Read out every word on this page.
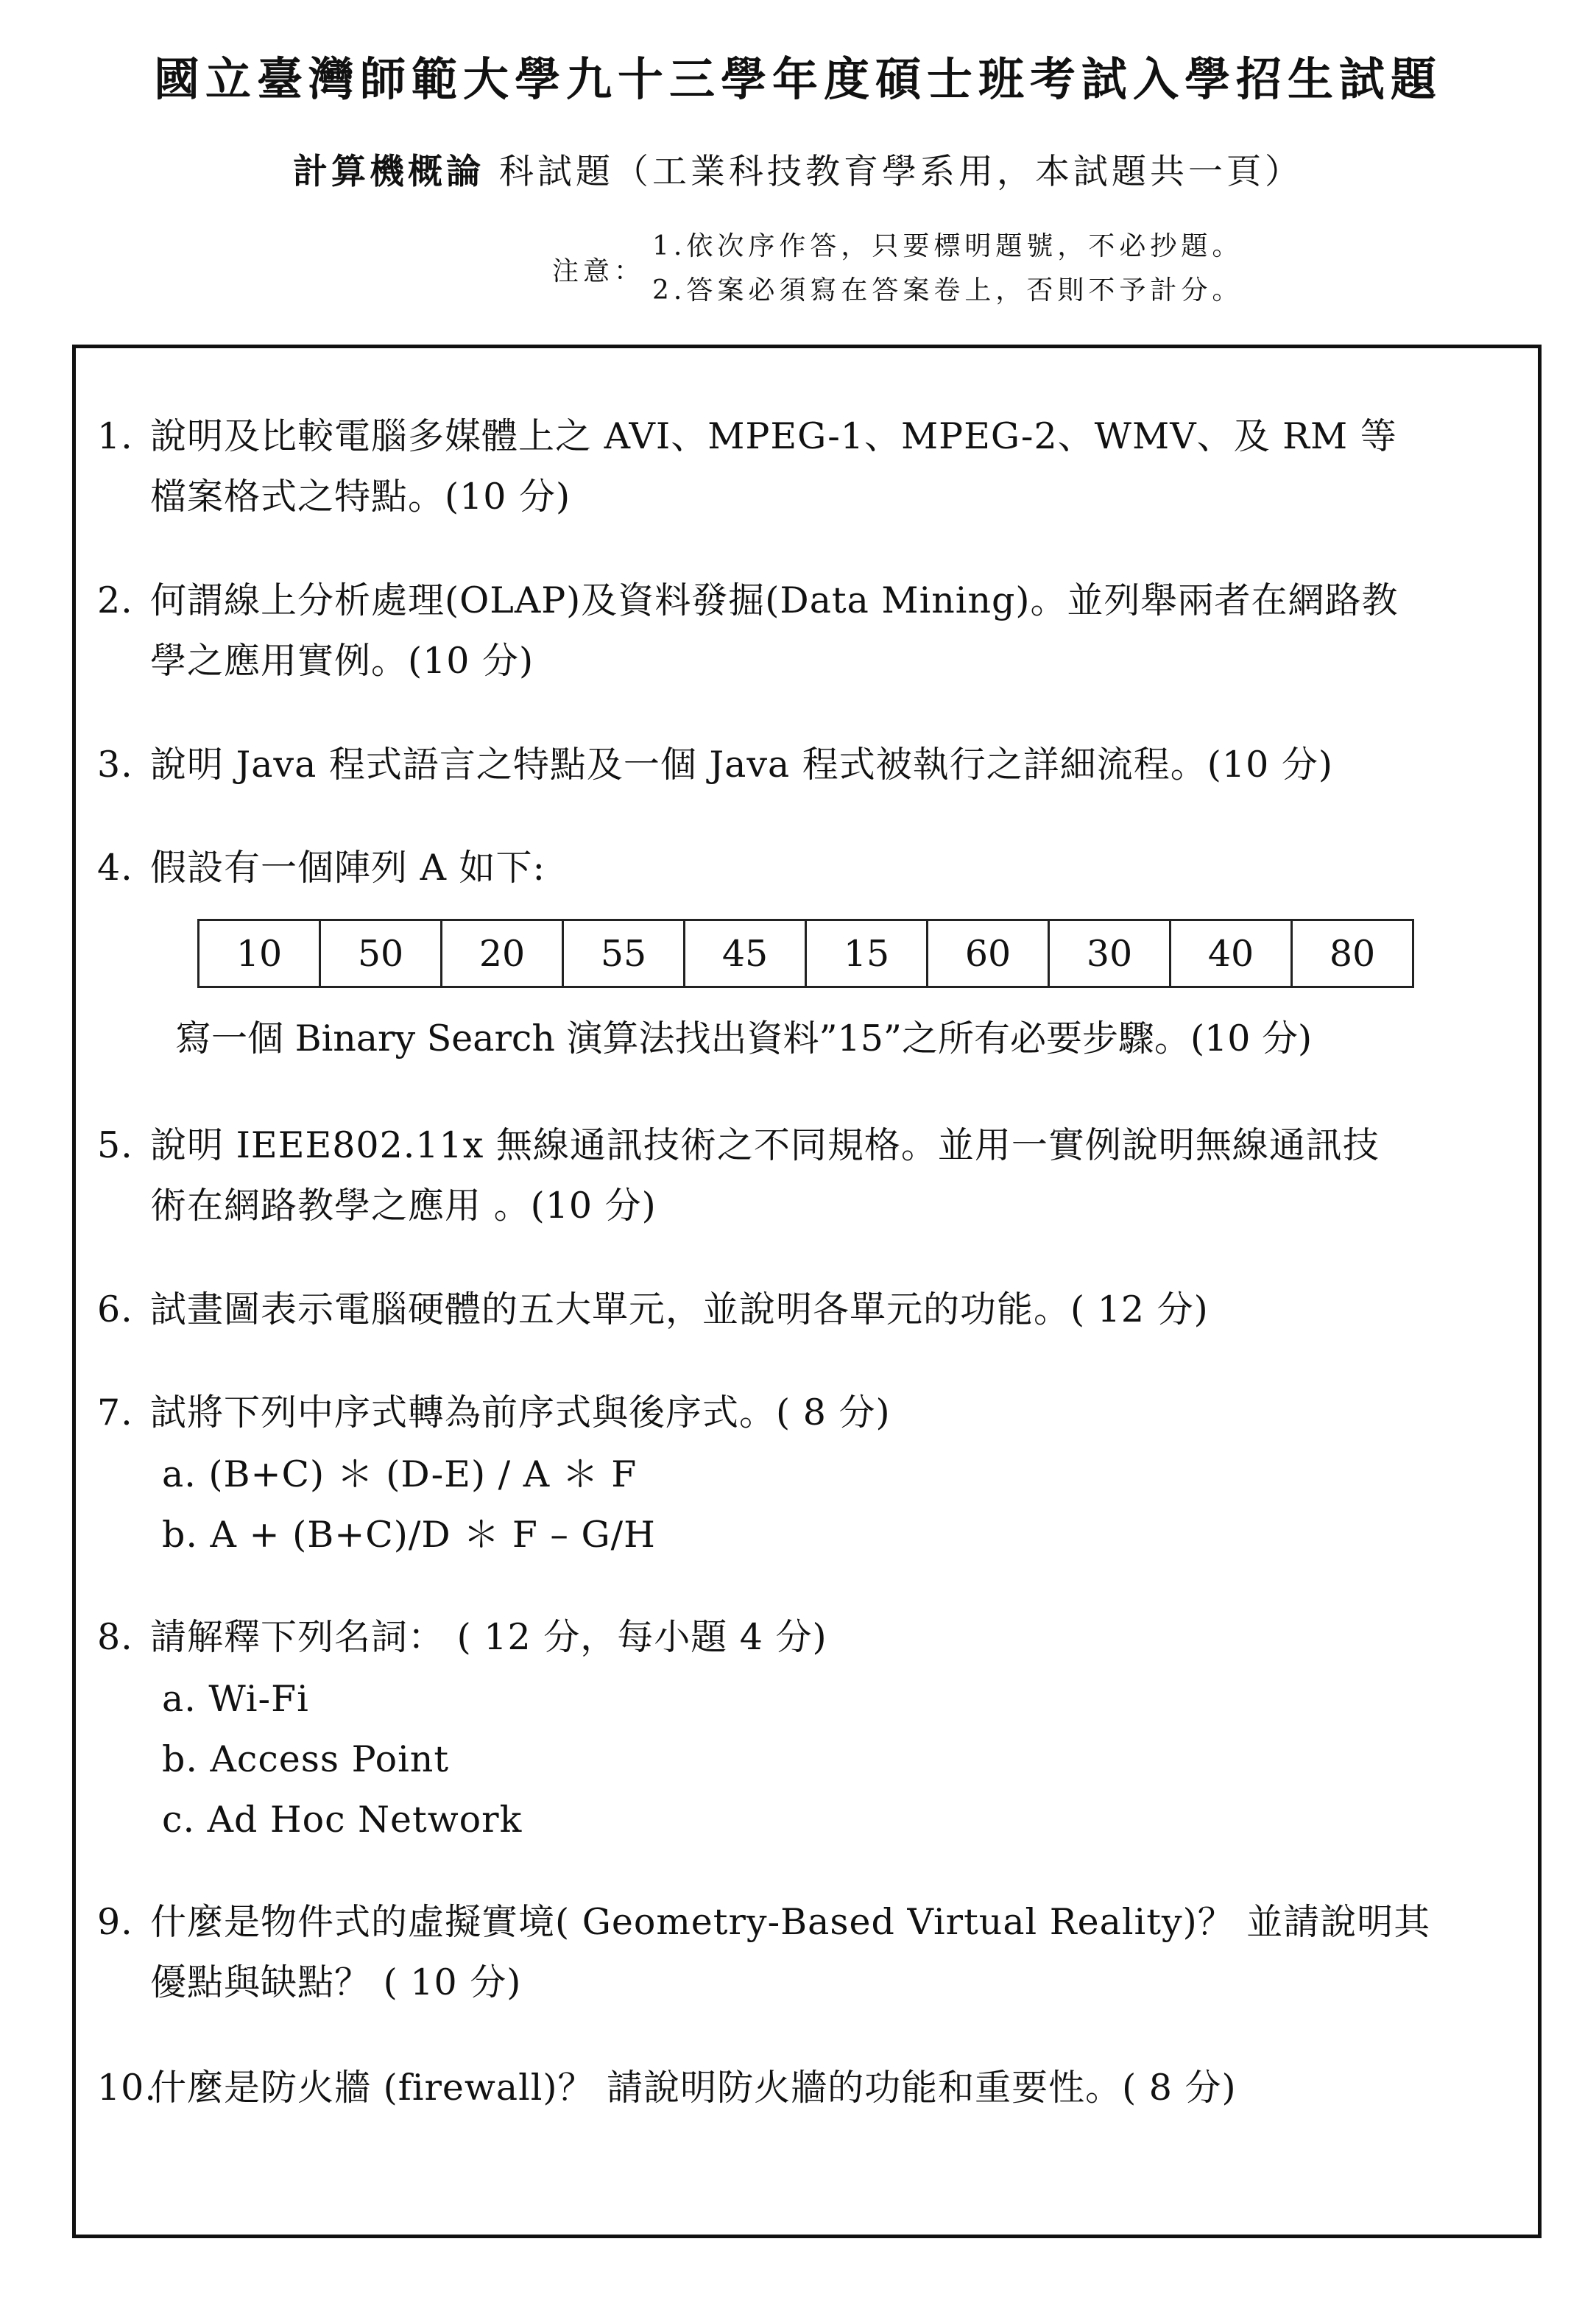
國立臺灣師範大學九十三學年度碩士班考試入學招生試題
計算機概論 科試題（工業科技教育學系用，本試題共一頁）
注意：
1.依次序作答，只要標明題號，不必抄題。
2.答案必須寫在答案卷上，否則不予計分。
1. 說明及比較電腦多媒體上之 AVI、MPEG-1、MPEG-2、WMV、及 RM 等
檔案格式之特點。(10 分)
2. 何謂線上分析處理(OLAP)及資料發掘(Data Mining)。並列舉兩者在網路教
學之應用實例。(10 分)
3. 說明 Java 程式語言之特點及一個 Java 程式被執行之詳細流程。(10 分)
4. 假設有一個陣列 A 如下:
10	50	20	55	45	15	60	30	40	80
寫一個 Binary Search 演算法找出資料”15”之所有必要步驟。(10 分)
5. 說明 IEEE802.11x 無線通訊技術之不同規格。並用一實例說明無線通訊技
術在網路教學之應用 。(10 分)
6. 試畫圖表示電腦硬體的五大單元，並說明各單元的功能。( 12 分)
7. 試將下列中序式轉為前序式與後序式。( 8 分)
a. (B+C) ＊ (D-E) / A ＊ F
b. A + (B+C)/D ＊ F – G/H
8. 請解釋下列名詞： ( 12 分，每小題 4 分)
a. Wi-Fi
b. Access Point
c. Ad Hoc Network
9. 什麼是物件式的虛擬實境( Geometry-Based Virtual Reality)？ 並請說明其
優點與缺點？ ( 10 分)
10.什麼是防火牆 (firewall)？ 請說明防火牆的功能和重要性。( 8 分)
